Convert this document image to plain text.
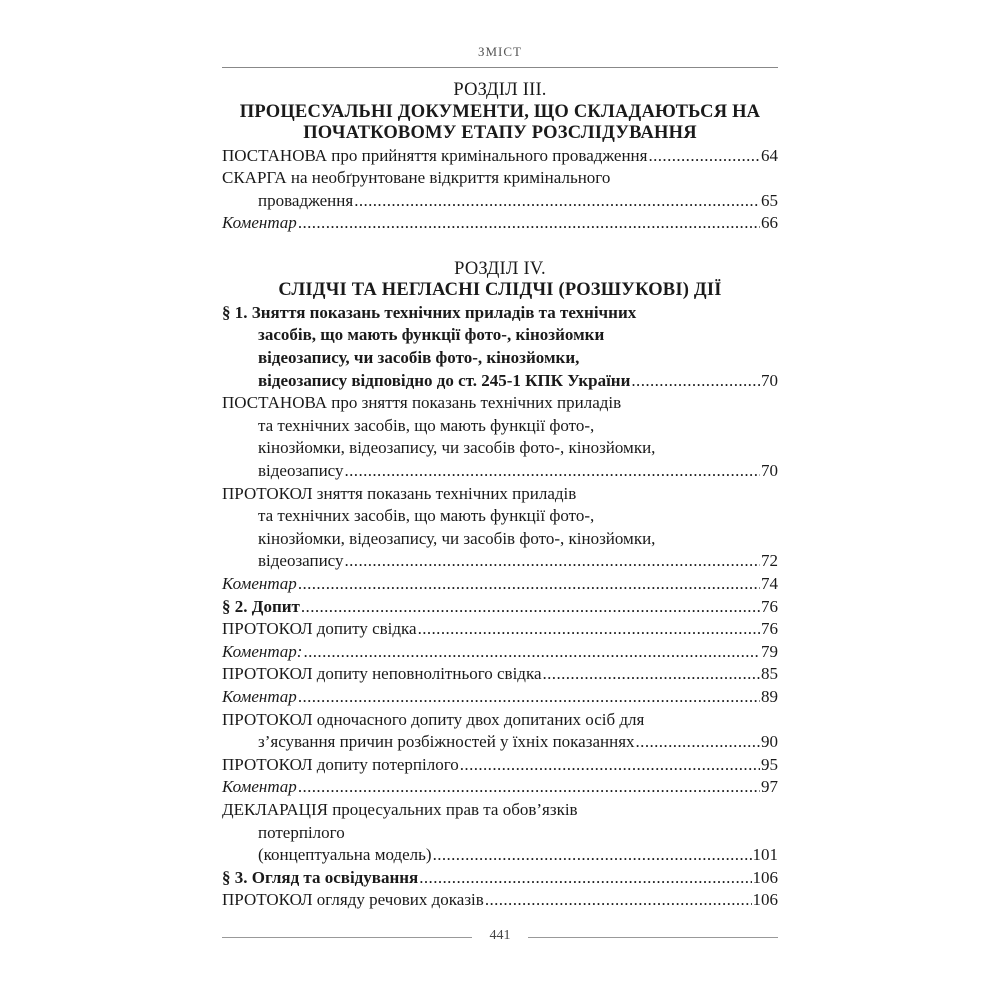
ЗМІСТ
РОЗДІЛ ІІІ.
ПРОЦЕСУАЛЬНІ ДОКУМЕНТИ, ЩО СКЛАДАЮТЬСЯ НА
ПОЧАТКОВОМУ ЕТАПУ РОЗСЛІДУВАННЯ
ПОСТАНОВА про прийняття кримінального провадження .....	64
СКАРГА на необґрунтоване відкриття кримінального
провадження .....	65
Коментар .....	66
РОЗДІЛ IV.
СЛІДЧІ ТА НЕГЛАСНІ СЛІДЧІ (РОЗШУКОВІ) ДІЇ
§ 1. Зняття показань технічних приладів та технічних
засобів, що мають функції фото-, кінозйомки
відеозапису, чи засобів фото-, кінозйомки,
відеозапису відповідно до ст. 245-1 КПК України .....	70
ПОСТАНОВА про зняття показань технічних приладів
та технічних засобів, що мають функції фото-,
кінозйомки, відеозапису, чи засобів фото-, кінозйомки,
відеозапису .....	70
ПРОТОКОЛ зняття показань технічних приладів
та технічних засобів, що мають функції фото-,
кінозйомки, відеозапису, чи засобів фото-, кінозйомки,
відеозапису .....	72
Коментар .....	74
§ 2. Допит .....	76
ПРОТОКОЛ допиту свідка .....	76
Коментар: .....	79
ПРОТОКОЛ допиту неповнолітнього свідка .....	85
Коментар .....	89
ПРОТОКОЛ одночасного допиту двох допитаних осіб для
з’ясування причин розбіжностей у їхніх показаннях .....	90
ПРОТОКОЛ допиту потерпілого .....	95
Коментар .....	97
ДЕКЛАРАЦІЯ процесуальних прав та обов’язків
потерпілого
(концептуальна модель) .....	101
§ 3. Огляд та освідування .....	106
ПРОТОКОЛ огляду речових доказів .....	106
441
